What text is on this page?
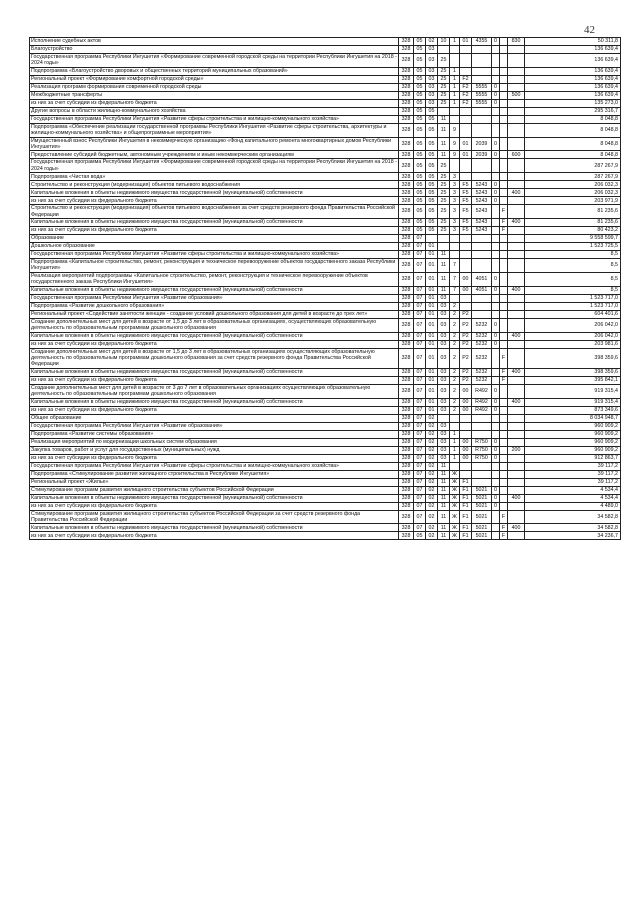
42
Исполнение судебных актов	328	05	02	10	1	01	4355	0		830	50 311,8
Благоустройство	328	05	03								136 639,4
Государственная программа Республики Ингушетия «Формирование современной городской среды на территории Республики Ингушетия на 2018 - 2024 годы»	328	05	03	25							136 639,4
Подпрограмма «Благоустройство дворовых и общественных территорий муниципальных образований»	328	05	03	25	1						136 639,4
Региональный проект «Формирование комфортной городской среды»	328	05	03	25	1	F2					136 639,4
Реализация программ формирования современной городской среды	328	05	03	25	1	F2	5555	0			136 639,4
Межбюджетные трансферты	328	05	03	25	1	F2	5555	0		500	136 639,4
из них за счет субсидии из федерального бюджета	328	05	03	25	1	F2	5555	0			135 273,0
Другие вопросы в области жилищно-коммунального хозяйства	328	05	05								295 316,7
Государственная программа Республики Ингушетия «Развитие сферы строительства и жилищно-коммунального хозяйства»	328	05	05	11							8 048,8
Подпрограмма «Обеспечение реализации государственной программы Республики Ингушетия «Развитие сферы строительства, архитектуры и жилищно-коммунального хозяйства» и общепрограммные мероприятия»	328	05	05	11	9						8 048,8
Имущественный взнос Республики Ингушетия в некоммерческую организацию «Фонд капитального ремонта многоквартирных домов Республики Ингушетия»	328	05	05	11	9	01	2039	0			8 048,8
Предоставление субсидий бюджетным, автономным учреждениям и иным некоммерческим организациям	328	05	05	11	9	01	2039	0		600	8 048,8
Государственная программа Республики Ингушетия «Формирование современной городской среды на территории Республики Ингушетия на 2018 - 2024 годы»	328	05	05	25							287 267,9
Подпрограмма «Чистая вода»	328	05	05	25	3						287 267,9
Строительство и реконструкция (модернизация) объектов питьевого водоснабжения	328	05	05	25	3	F5	5243	0			206 032,3
Капитальные вложения в объекты недвижимого имущества государственной (муниципальной) собственности	328	05	05	25	3	F5	5243	0		400	206 032,3
из них за счет субсидии из федерального бюджета	328	05	05	25	3	F5	5243	0			203 971,9
Строительство и реконструкция (модернизация) объектов питьевого водоснабжения за счет средств резервного фонда Правительства Российской Федерации	328	05	05	25	3	F5	5243		F		81 235,6
Капитальные вложения в объекты недвижимого имущества государственной (муниципальной) собственности	328	05	05	25	3	F5	5243		F	400	81 235,6
из них за счет субсидии из федерального бюджета	328	05	05	25	3	F5	5243		F		80 423,2
Образование	328	07									9 558 599,7
Дошкольное образование	328	07	01								1 523 725,5
Государственная программа Республики Ингушетия «Развитие сферы строительства и жилищно-коммунального хозяйства»	328	07	01	11							8,5
Подпрограмма «Капитальное строительство, ремонт, реконструкция и техническое перевооружение объектов государственного заказа Республики Ингушетия»	328	07	01	11	7						8,5
Реализация мероприятий подпрограммы «Капитальное строительство, ремонт, реконструкция и техническое перевооружение объектов государственного заказа Республики Ингушетия»	328	07	01	11	7	00	4051	0			8,5
Капитальные вложения в объекты недвижимого имущества государственной (муниципальной) собственности	328	07	01	11	7	00	4051	0		400	8,5
Государственная программа Республики Ингушетия «Развитие образования»	328	07	01	03							1 523 717,0
Подпрограмма «Развитие дошкольного образования»	328	07	01	03	2						1 523 717,0
Региональный проект «Содействие занятости женщин - создание условий дошкольного образования для детей в возрасте до трех лет»	328	07	01	03	2	P2					604 401,6
Создание дополнительных мест для детей в возрасте от 1,5 до 3 лет в образовательных организациях, осуществляющих образовательную деятельность по образовательным программам дошкольного образования	328	07	01	03	2	P2	5232	0			206 042,0
Капитальные вложения в объекты недвижимого имущества государственной (муниципальной) собственности	328	07	01	03	2	P2	5232	0		400	206 042,0
из них за счет субсидии из федерального бюджета	328	07	01	03	2	P2	5232	0			203 981,6
Создание дополнительных мест для детей в возрасте от 1,5 до 3 лет в образовательных организациях осуществляющих образовательную деятельность по образовательным программам дошкольного образования за счет средств резервного фонда Правительства Российской Федерации	328	07	01	03	2	P2	5232		F		398 359,6
Капитальные вложения в объекты недвижимого имущества государственной (муниципальной) собственности	328	07	01	03	2	P2	5232		F	400	398 359,6
из них за счет субсидии из федерального бюджета	328	07	01	03	2	P2	5232		F		395 842,1
Создание дополнительных мест для детей в возрасте от 3 до 7 лет в образовательных организациях осуществляющих образовательную деятельность по образовательным программам дошкольного образования	328	07	01	03	2	00	R492	0			919 315,4
Капитальные вложения в объекты недвижимого имущества государственной (муниципальной) собственности	328	07	01	03	2	00	R492	0		400	919 315,4
из них за счет субсидии из федерального бюджета	328	07	01	03	2	00	R492	0			873 349,6
Общее образование	328	07	02								8 034 948,7
Государственная программа Республики Ингушетия «Развитие образования»	328	07	02	03							960 909,2
Подпрограмма «Развитие системы образования»	328	07	02	03	1						960 909,2
Реализация мероприятий по модернизации школьных систем образования	328	07	02	03	1	00	R750	0			960 909,2
Закупка товаров, работ и услуг для государственных (муниципальных) нужд	328	07	02	03	1	00	R750	0		200	960 909,2
из них за счет субсидии из федерального бюджета	328	07	02	03	1	00	R750	0			912 863,7
Государственная программа Республики Ингушетия «Развитие сферы строительства и жилищно-коммунального хозяйства»	328	07	02	11							39 117,2
Подпрограмма «Стимулирование развития жилищного строительства в Республике Ингушетия»	328	07	02	11	Ж						39 117,2
Региональный проект «Жилье»	328	07	02	11	Ж	F1					39 117,2
Стимулирование программ развития жилищного строительства субъектов Российской Федерации	328	07	02	11	Ж	F1	5021	0			4 534,4
Капитальные вложения в объекты недвижимого имущества государственной (муниципальной) собственности	328	07	02	11	Ж	F1	5021	0		400	4 534,4
из них за счет субсидии из федерального бюджета	328	07	02	11	Ж	F1	5021	0			4 489,0
Стимулирование программ развития жилищного строительства субъектов Российской Федерации за счет средств резервного фонда Правительства Российской Федерации	328	07	02	11	Ж	F1	5021		F		34 582,8
Капитальные вложения в объекты недвижимого имущества государственной (муниципальной) собственности	328	07	02	11	Ж	F1	5021		F	400	34 582,8
из них за счет субсидии из федерального бюджета	328	05	02	11	Ж	F1	5021		F		34 236,7
